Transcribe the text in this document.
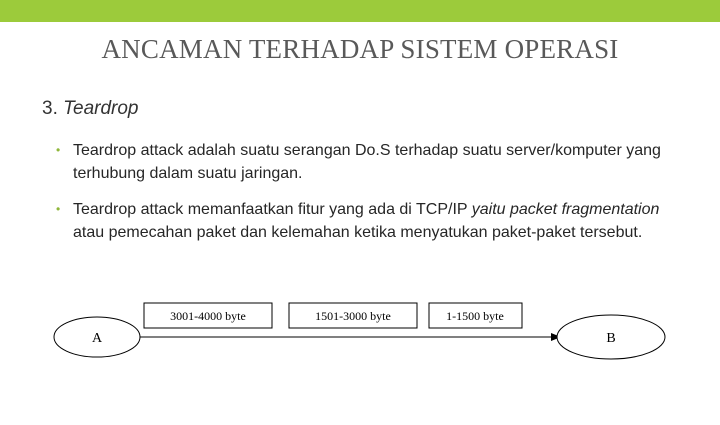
ANCAMAN TERHADAP SISTEM OPERASI
3. Teardrop
• Teardrop attack adalah suatu serangan Do.S terhadap suatu server/komputer yang terhubung dalam suatu jaringan.
• Teardrop attack memanfaatkan fitur yang ada di TCP/IP yaitu packet fragmentation atau pemecahan paket dan kelemahan ketika menyatukan paket-paket tersebut.
A	B
3001-4000 byte	1501-3000 byte	1-1500 byte
